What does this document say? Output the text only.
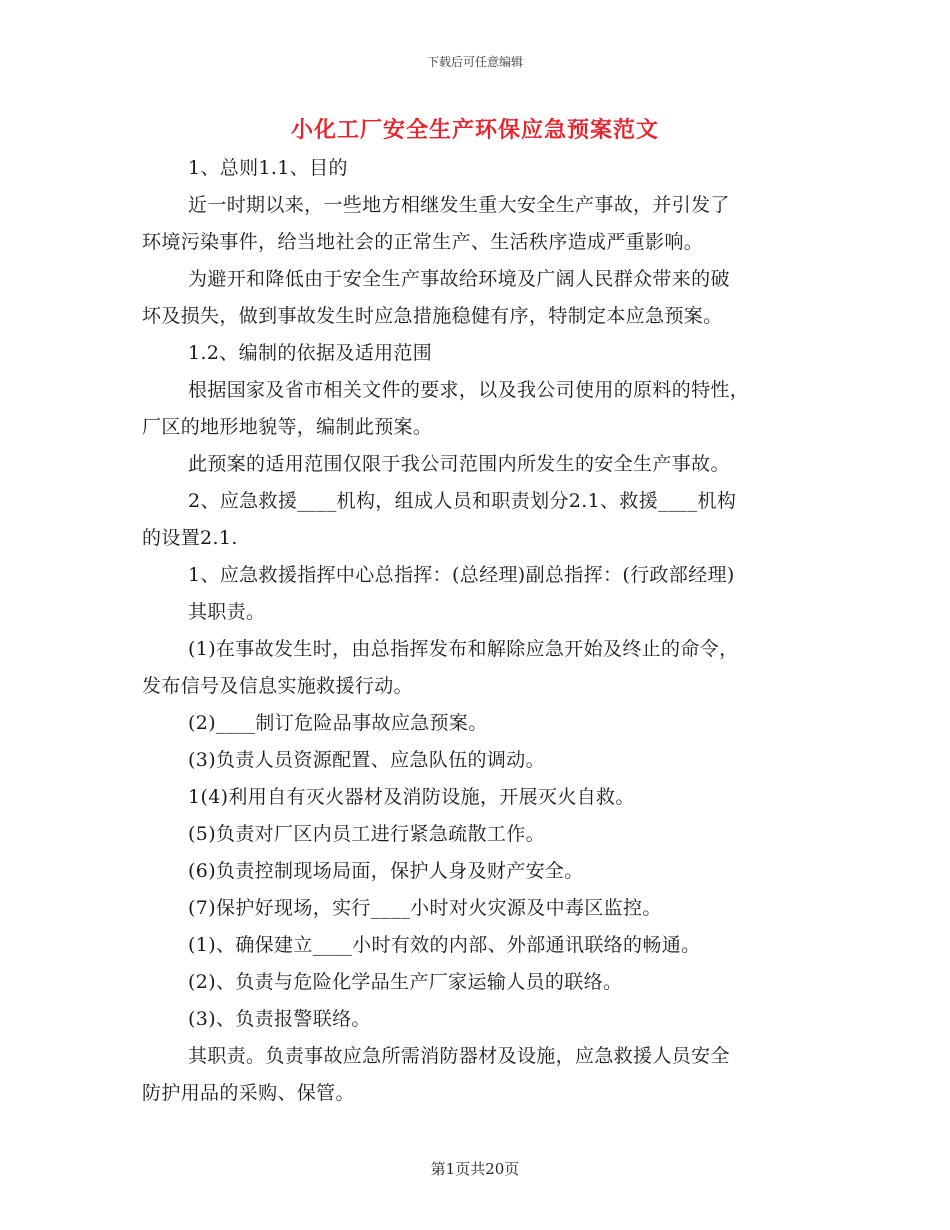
下载后可任意编辑
小化工厂安全生产环保应急预案范文
1、总则1.1、目的
近一时期以来，一些地方相继发生重大安全生产事故，并引发了
环境污染事件，给当地社会的正常生产、生活秩序造成严重影响。
为避开和降低由于安全生产事故给环境及广阔人民群众带来的破
坏及损失，做到事故发生时应急措施稳健有序，特制定本应急预案。
1.2、编制的依据及适用范围
根据国家及省市相关文件的要求，以及我公司使用的原料的特性，
厂区的地形地貌等，编制此预案。
此预案的适用范围仅限于我公司范围内所发生的安全生产事故。
2、应急救援____机构，组成人员和职责划分2.1、救援____机构
的设置2.1.
1、应急救援指挥中心总指挥：(总经理)副总指挥：(行政部经理)
其职责。
(1)在事故发生时，由总指挥发布和解除应急开始及终止的命令，
发布信号及信息实施救援行动。
(2)____制订危险品事故应急预案。
(3)负责人员资源配置、应急队伍的调动。
1(4)利用自有灭火器材及消防设施，开展灭火自救。
(5)负责对厂区内员工进行紧急疏散工作。
(6)负责控制现场局面，保护人身及财产安全。
(7)保护好现场，实行____小时对火灾源及中毒区监控。
(1)、确保建立____小时有效的内部、外部通讯联络的畅通。
(2)、负责与危险化学品生产厂家运输人员的联络。
(3)、负责报警联络。
其职责。负责事故应急所需消防器材及设施，应急救援人员安全
防护用品的采购、保管。
第1页共20页
